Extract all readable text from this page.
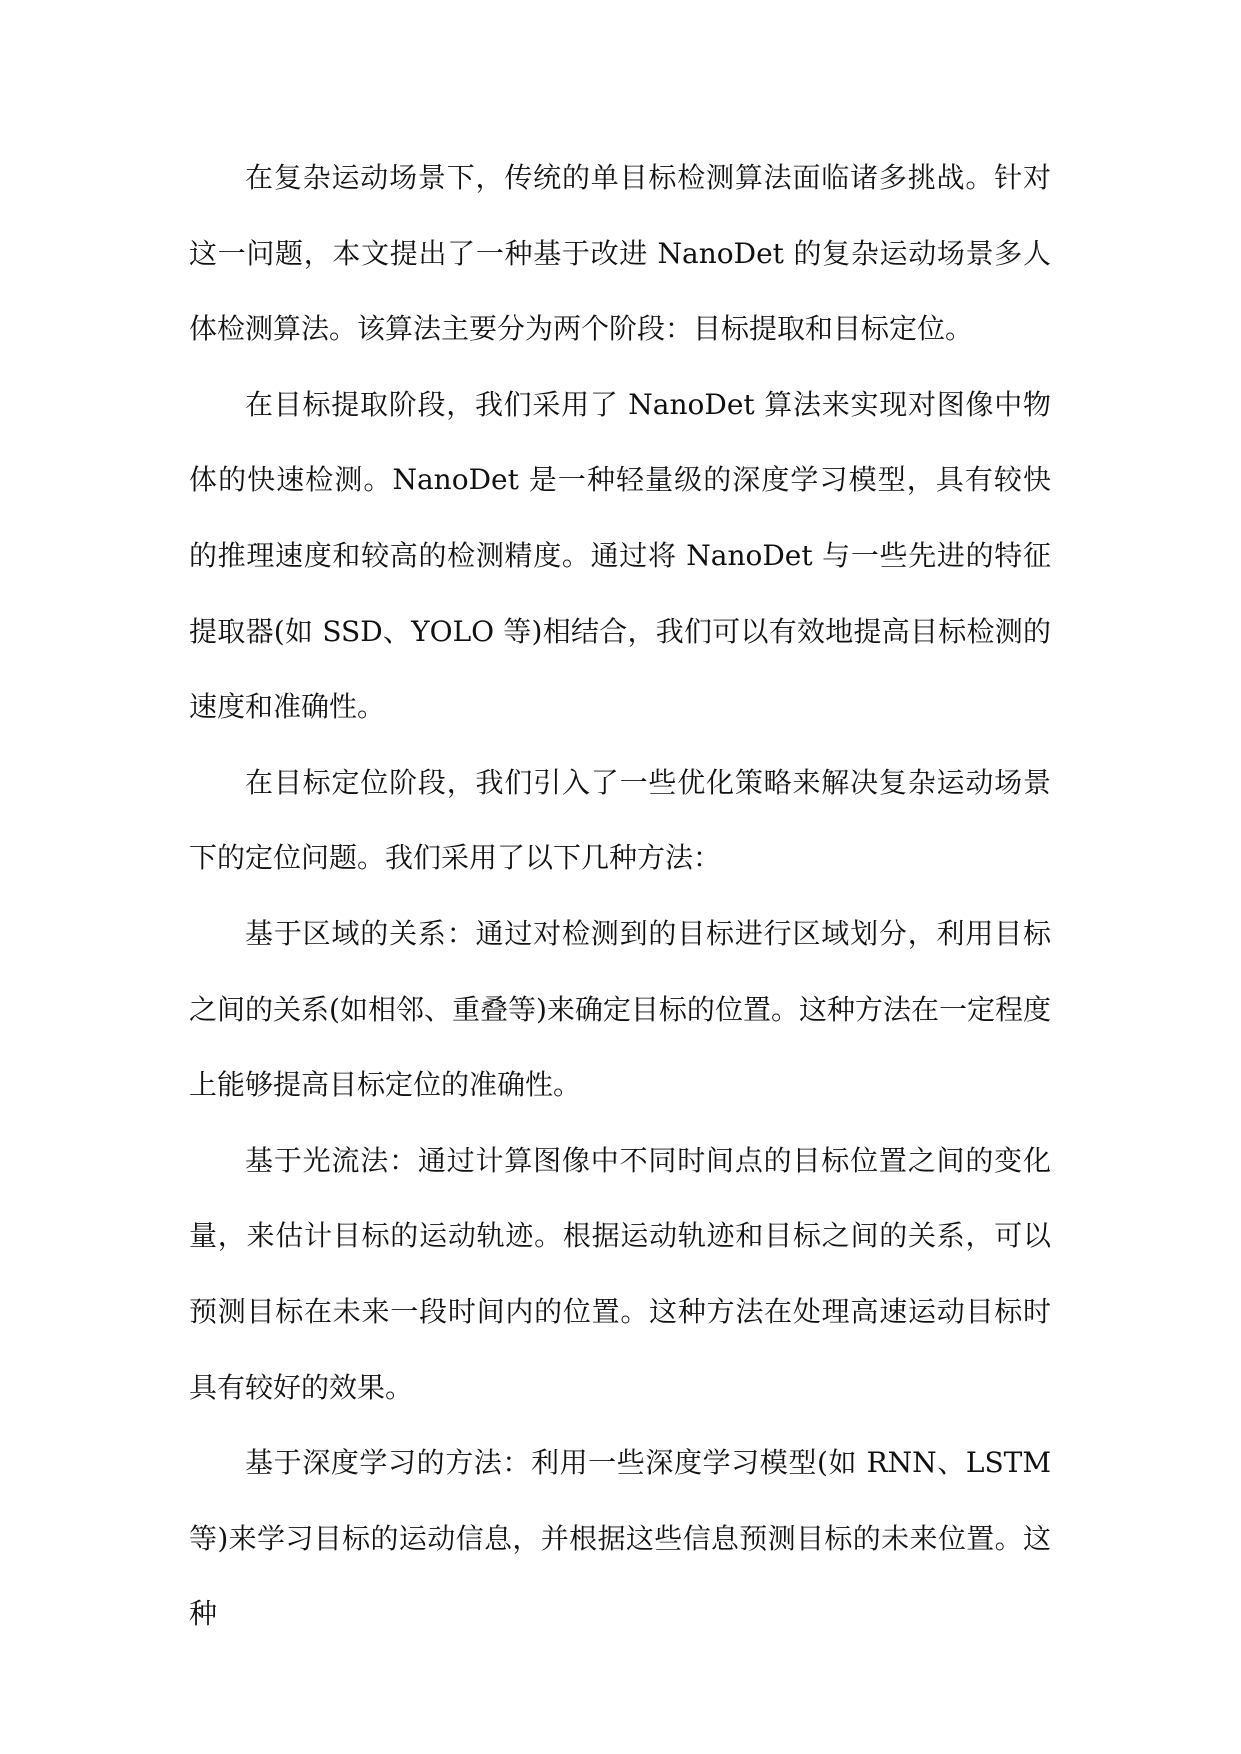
在复杂运动场景下，传统的单目标检测算法面临诸多挑战。针对这一问题，本文提出了一种基于改进 NanoDet 的复杂运动场景多人体检测算法。该算法主要分为两个阶段：目标提取和目标定位。

在目标提取阶段，我们采用了 NanoDet 算法来实现对图像中物体的快速检测。NanoDet 是一种轻量级的深度学习模型，具有较快的推理速度和较高的检测精度。通过将 NanoDet 与一些先进的特征提取器(如 SSD、YOLO 等)相结合，我们可以有效地提高目标检测的速度和准确性。

在目标定位阶段，我们引入了一些优化策略来解决复杂运动场景下的定位问题。我们采用了以下几种方法：

基于区域的关系：通过对检测到的目标进行区域划分，利用目标之间的关系(如相邻、重叠等)来确定目标的位置。这种方法在一定程度上能够提高目标定位的准确性。

基于光流法：通过计算图像中不同时间点的目标位置之间的变化量，来估计目标的运动轨迹。根据运动轨迹和目标之间的关系，可以预测目标在未来一段时间内的位置。这种方法在处理高速运动目标时具有较好的效果。

基于深度学习的方法：利用一些深度学习模型(如 RNN、LSTM 等)来学习目标的运动信息，并根据这些信息预测目标的未来位置。这种
